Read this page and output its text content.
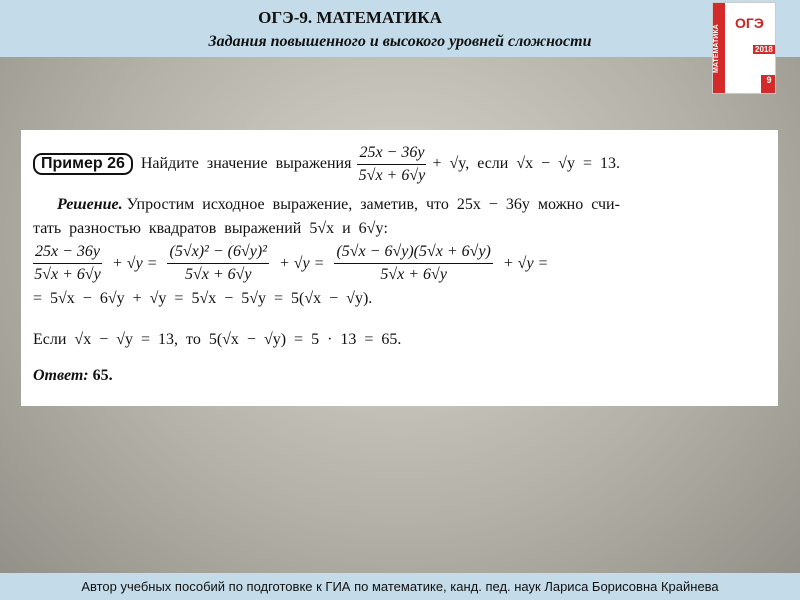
ОГЭ-9. МАТЕМАТИКА
Задания повышенного и высокого уровней сложности	МАТЕМАТИКА
ОГЭ
2018
9
Пример 26	Найдите значение выражения $\frac{25x - 36y}{5√x + 6√y} + √y$, если √x − √y = 13.
Решение.
Упростим исходное выражение, заметив, что 25x − 36y можно счи-
тать разностью квадратов выражений 5√x и 6√y:
$\frac{25x - 36y}{5√x + 6√y} + √y = \frac{\text{(5√x)² − (6√y)²}}{5√x + 6√y} + √y = \frac{(5√x - 6√y)(5√x + 6√y)}{5√x + 6√y} + √y$ =
= 5√x − 6√y + √y = 5√x − 5√y = 5(√x − √y).
Если √x − √y = 13, то 5(√x − √y) = 5 · 13 = 65.
Ответ:
65.
Автор учебных пособий по подготовке к ГИА по математике, канд. пед. наук Лариса Борисовна Крайнева
